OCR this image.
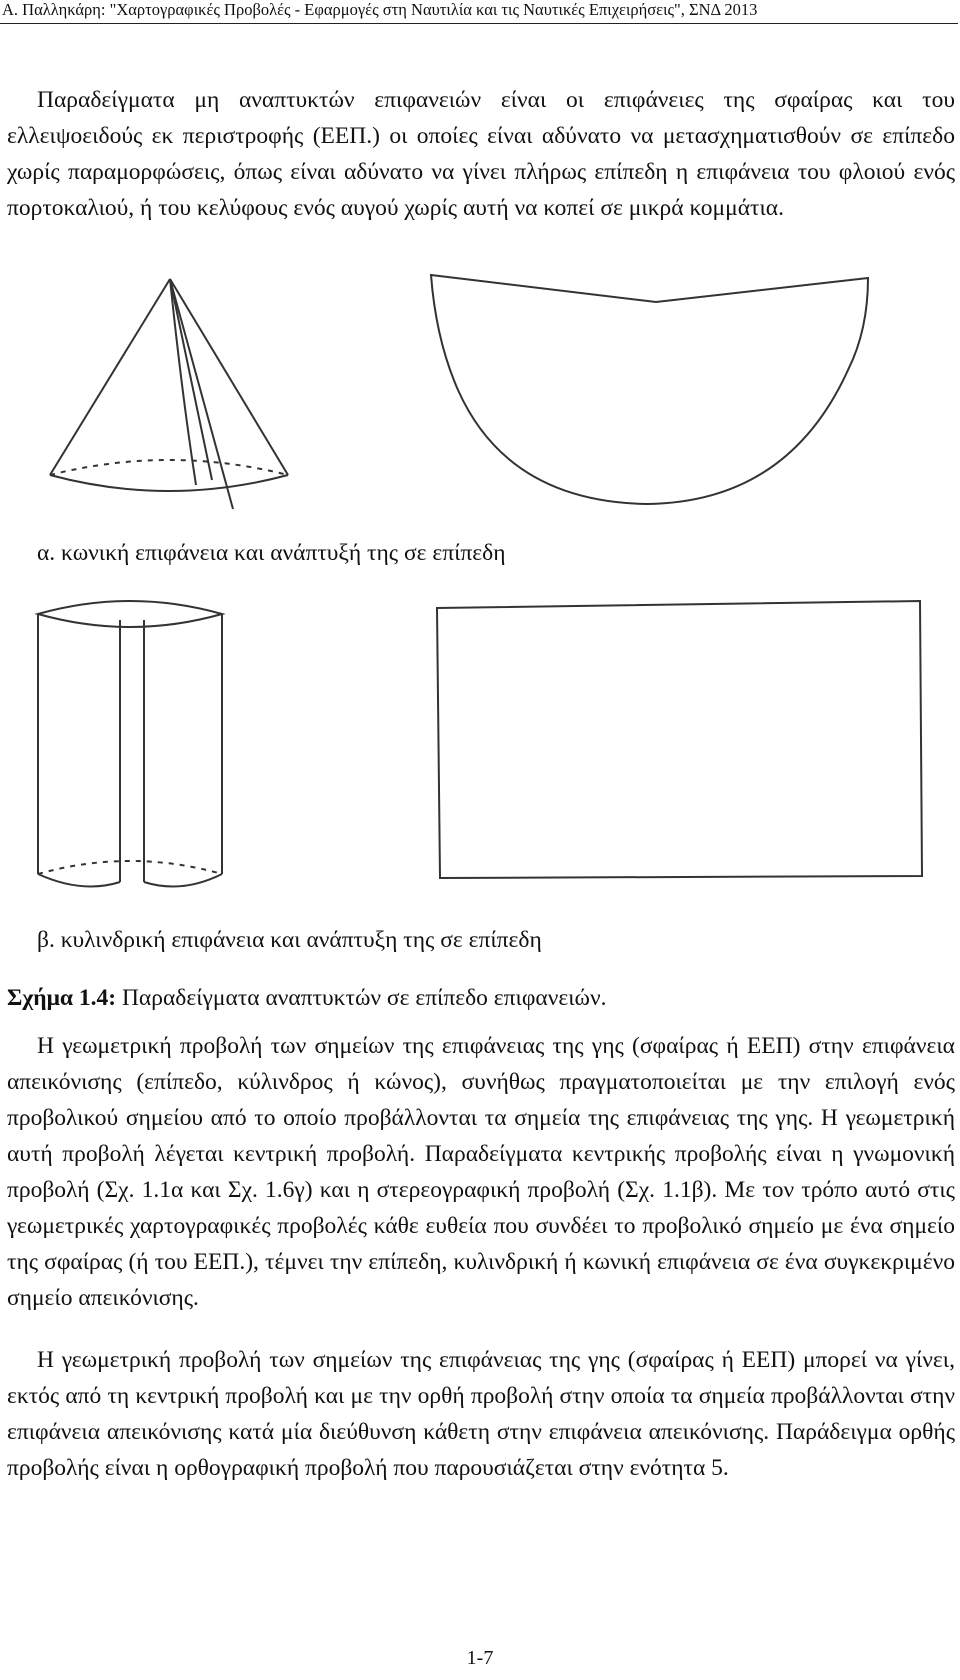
Α. Παλληκάρη: "Χαρτογραφικές Προβολές - Εφαρμογές στη Ναυτιλία και τις Ναυτικές Επιχειρήσεις", ΣΝΔ 2013

Παραδείγματα μη αναπτυκτών επιφανειών είναι οι επιφάνειες της σφαίρας και του ελλειψοειδούς εκ περιστροφής (ΕΕΠ.) οι οποίες είναι αδύνατο να μετασχηματισθούν σε επίπεδο χωρίς παραμορφώσεις, όπως είναι αδύνατο να γίνει πλήρως επίπεδη η επιφάνεια του φλοιού ενός πορτοκαλιού, ή του κελύφους ενός αυγού χωρίς αυτή να κοπεί σε μικρά κομμάτια.

α. κωνική επιφάνεια και ανάπτυξή της σε επίπεδη
β. κυλινδρική επιφάνεια και ανάπτυξη της σε επίπεδη
Σχήμα 1.4: Παραδείγματα αναπτυκτών σε επίπεδο επιφανειών.

Η γεωμετρική προβολή των σημείων της επιφάνειας της γης (σφαίρας ή ΕΕΠ) στην επιφάνεια απεικόνισης (επίπεδο, κύλινδρος ή κώνος), συνήθως πραγματοποιείται με την επιλογή ενός προβολικού σημείου από το οποίο προβάλλονται τα σημεία της επιφάνειας της γης. Η γεωμετρική αυτή προβολή λέγεται κεντρική προβολή. Παραδείγματα κεντρικής προβολής είναι η γνωμονική προβολή (Σχ. 1.1α και Σχ. 1.6γ) και η στερεογραφική προβολή (Σχ. 1.1β). Με τον τρόπο αυτό στις γεωμετρικές χαρτογραφικές προβολές κάθε ευθεία που συνδέει το προβολικό σημείο με ένα σημείο της σφαίρας (ή του ΕΕΠ.), τέμνει την επίπεδη, κυλινδρική ή κωνική επιφάνεια σε ένα συγκεκριμένο σημείο απεικόνισης.

Η γεωμετρική προβολή των σημείων της επιφάνειας της γης (σφαίρας ή ΕΕΠ) μπορεί να γίνει, εκτός από τη κεντρική προβολή και με την ορθή προβολή στην οποία τα σημεία προβάλλονται στην επιφάνεια απεικόνισης κατά μία διεύθυνση κάθετη στην επιφάνεια απεικόνισης. Παράδειγμα ορθής προβολής είναι η ορθογραφική προβολή που παρουσιάζεται στην ενότητα 5.

1-7
